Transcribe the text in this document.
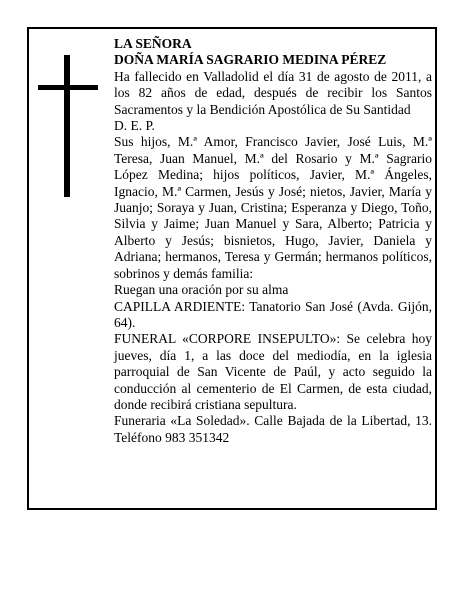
LA SEÑORA

DOÑA MARÍA SAGRARIO MEDINA PÉREZ

Ha fallecido en Valladolid el día 31 de agosto de 2011, a los 82 años de edad, después de recibir los Santos Sacramentos y la Bendición Apostólica de Su Santidad

D. E. P.

Sus hijos, M.ª Amor, Francisco Javier, José Luis, M.ª Teresa, Juan Manuel, M.ª del Rosario y M.ª Sagrario López Medina; hijos políticos, Javier, M.ª Ángeles, Ignacio, M.ª Carmen, Jesús y José; nietos, Javier, María y Juanjo; Soraya y Juan, Cristina; Esperanza y Diego, Toño, Silvia y Jaime; Juan Manuel y Sara, Alberto; Patricia y Alberto y Jesús; bisnietos, Hugo, Javier, Daniela y Adriana; hermanos, Teresa y Germán; hermanos políticos, sobrinos y demás familia:

Ruegan una oración por su alma

CAPILLA ARDIENTE: Tanatorio San José (Avda. Gijón, 64).

FUNERAL «CORPORE INSEPULTO»: Se celebra hoy jueves, día 1, a las doce del mediodía, en la iglesia parroquial de San Vicente de Paúl, y acto seguido la conducción al cementerio de El Carmen, de esta ciudad, donde recibirá cristiana sepultura.

Funeraria «La Soledad». Calle Bajada de la Libertad, 13. Teléfono 983 351342
